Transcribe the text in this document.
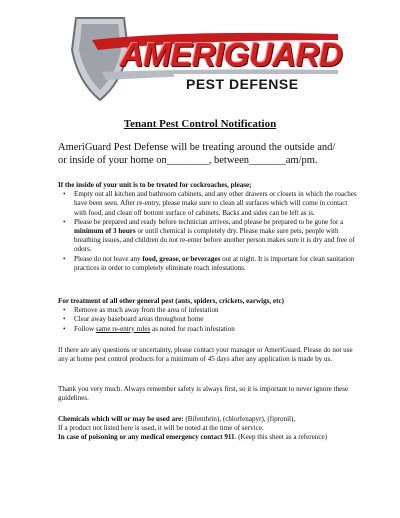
AMERIGUARD
PEST DEFENSE
Tenant Pest Control Notification
AmeriGuard Pest Defense will be treating around the outside and/
or inside of your home on________, between_______am/pm.

If the inside of your unit is to be treated for cockroaches, please;

• Empty out all kitchen and bathroom cabinets, and any other drawers or closets in which the roaches have been seen. After re-entry, please make sure to clean all surfaces which will come in contact with food, and clean off bottom surface of cabinets. Backs and sides can be left as is.
• Please be prepared and ready before technician arrives, and please be prepared to be gone for a minimum of 3 hours or until chemical is completely dry. Please make sure pets, people with breathing issues, and children do not re-enter before another person makes sure it is dry and free of odors.
• Please do not leave any food, grease, or beverages out at night. It is important for clean sanitation practices in order to completely eliminate roach infestations.

For treatment of all other general pest (ants, spiders, crickets, earwigs, etc)

• Remove as much away from the area of infestation
• Clear away baseboard areas throughout home
• Follow same re-entry rules as noted for roach infestation

If there are any questions or uncertainty, please contact your manager or AmeriGuard. Please do not use any at home pest control products for a minimum of 45 days after any application is made by us.

Thank you very much. Always remember safety is always first, so it is important to never ignore these guidelines.

Chemicals which will or may be used are: (Bifenthrin), (chlorfenapyr), (fipronil),

If a product not listed here is used, it will be noted at the time of service.

In case of poisoning or any medical emergency contact 911. (Keep this sheet as a reference)
